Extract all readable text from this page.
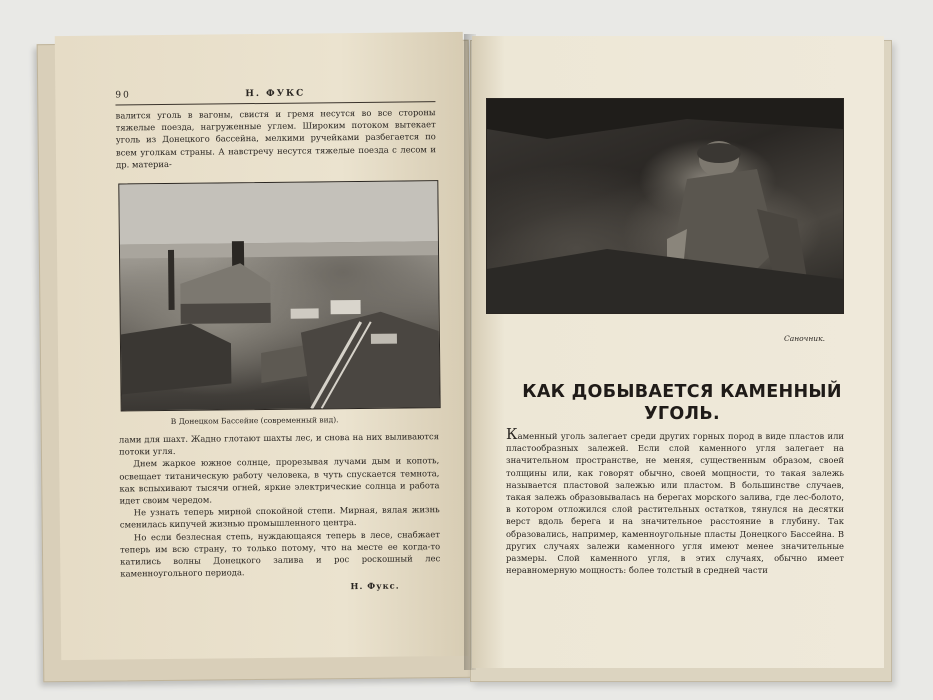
90	Н. ФУКС

валится уголь в вагоны, свистя и гремя несутся во все стороны тяжелые поезда, нагруженные углем. Широким потоком вытекает уголь из Донецкого бассейна, мелкими ручейками разбегается по всем уголкам страны. А навстречу несутся тяжелые поезда с лесом и др. материа-

В Донецком Бассейне (современный вид).

лами для шахт. Жадно глотают шахты лес, и снова на них выливаются потоки угля.

Днем жаркое южное солнце, прорезывая лучами дым и копоть, освещает титаническую работу человека, в чуть спускается темнота, как вспыхивают тысячи огней, яркие электрические солнца и работа идет своим чередом.

Не узнать теперь мирной спокойной степи. Мирная, вялая жизнь сменилась кипучей жизнью промышленного центра.

Но если безлесная степь, нуждающаяся теперь в лесе, снабжает теперь им всю страну, то только потому, что на месте ее когда-то катились волны Донецкого залива и рос роскошный лес каменноугольного периода.

Н. Фукс.
Саночник.
КАК ДОБЫВАЕТСЯ КАМЕННЫЙ УГОЛЬ.

Каменный уголь залегает среди других горных пород в виде пластов или пластообразных залежей. Если слой каменного угля залегает на значительном пространстве, не меняя, существенным образом, своей толщины или, как говорят обычно, своей мощности, то такая залежь называется пластовой залежью или пластом. В большинстве случаев, такая залежь образовывалась на берегах морского залива, где лес-болото, в котором отложился слой растительных остатков, тянулся на десятки верст вдоль берега и на значительное расстояние в глубину. Так образовались, например, каменноугольные пласты Донецкого Бассейна. В других случаях залежи каменного угля имеют менее значительные размеры. Слой каменного угля, в этих случаях, обычно имеет неравномерную мощность: более толстый в средней части
